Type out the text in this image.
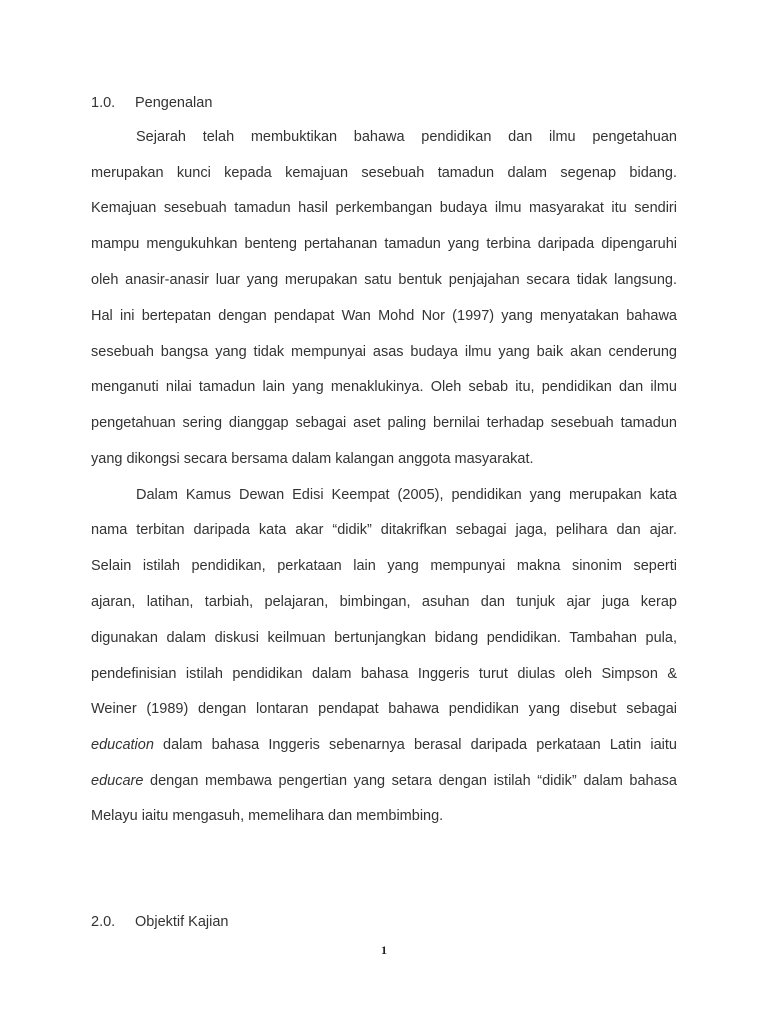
1.0. Pengenalan
Sejarah telah membuktikan bahawa pendidikan dan ilmu pengetahuan
merupakan kunci kepada kemajuan sesebuah tamadun dalam segenap bidang.
Kemajuan sesebuah tamadun hasil perkembangan budaya ilmu masyarakat itu sendiri
mampu mengukuhkan benteng pertahanan tamadun yang terbina daripada dipengaruhi
oleh anasir-anasir luar yang merupakan satu bentuk penjajahan secara tidak langsung.
Hal ini bertepatan dengan pendapat Wan Mohd Nor (1997) yang menyatakan bahawa
sesebuah bangsa yang tidak mempunyai asas budaya ilmu yang baik akan cenderung
menganuti nilai tamadun lain yang menaklukinya. Oleh sebab itu, pendidikan dan ilmu
pengetahuan sering dianggap sebagai aset paling bernilai terhadap sesebuah tamadun
yang dikongsi secara bersama dalam kalangan anggota masyarakat.
Dalam Kamus Dewan Edisi Keempat (2005), pendidikan yang merupakan kata
nama terbitan daripada kata akar “didik” ditakrifkan sebagai jaga, pelihara dan ajar.
Selain istilah pendidikan, perkataan lain yang mempunyai makna sinonim seperti
ajaran, latihan, tarbiah, pelajaran, bimbingan, asuhan dan tunjuk ajar juga kerap
digunakan dalam diskusi keilmuan bertunjangkan bidang pendidikan. Tambahan pula,
pendefinisian istilah pendidikan dalam bahasa Inggeris turut diulas oleh Simpson &
Weiner (1989) dengan lontaran pendapat bahawa pendidikan yang disebut sebagai
education dalam bahasa Inggeris sebenarnya berasal daripada perkataan Latin iaitu
educare dengan membawa pengertian yang setara dengan istilah “didik” dalam bahasa
Melayu iaitu mengasuh, memelihara dan membimbing.
2.0. Objektif Kajian
1
